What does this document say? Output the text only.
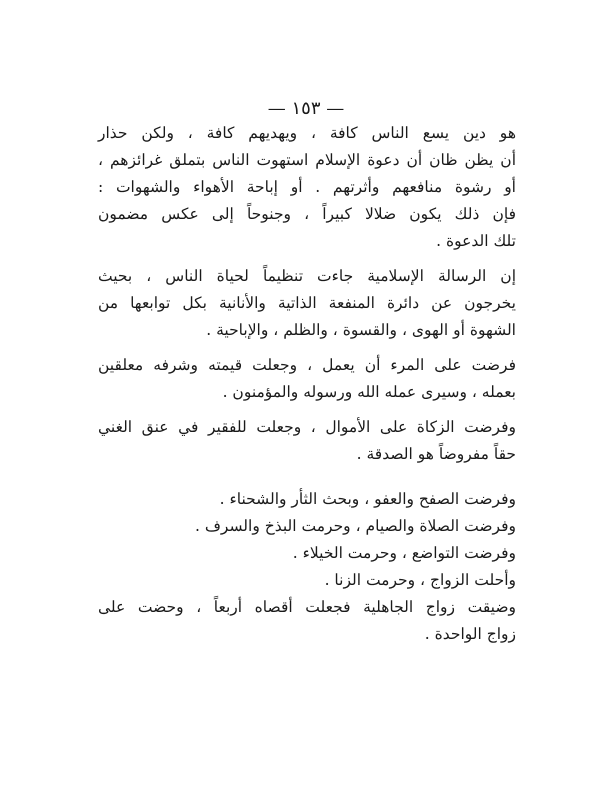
— ١٥٣ —
هو دين يسع الناس كافة ، ويهديهم كافة ، ولكن حذار
أن يظن ظان أن دعوة الإسلام استهوت الناس بتملق غرائزهم ،
أو رشوة منافعهم وأثرتهم . أو إباحة الأهواء والشهوات :
فإن ذلك يكون ضلالا كبيراً ، وجنوحاً إلى عكس مضمون
تلك الدعوة .
إن الرسالة الإسلامية جاءت تنظيماً لحياة الناس ، بحيث
يخرجون عن دائرة المنفعة الذاتية والأنانية بكل توابعها من
الشهوة أو الهوى ، والقسوة ، والظلم ، والإباحية .
فرضت على المرء أن يعمل ، وجعلت قيمته وشرفه معلقين
بعمله ، وسيرى عمله الله ورسوله والمؤمنون .
وفرضت الزكاة على الأموال ، وجعلت للفقير في عنق الغني
حقاً مفروضاً هو الصدقة .
وفرضت الصفح والعفو ، وبحث الثأر والشحناء .
وفرضت الصلاة والصيام ، وحرمت البذخ والسرف .
وفرضت التواضع ، وحرمت الخيلاء .
وأحلت الزواج ، وحرمت الزنا .
وضيقت زواج الجاهلية فجعلت أقصاه أربعاً ، وحضت على
زواج الواحدة .
